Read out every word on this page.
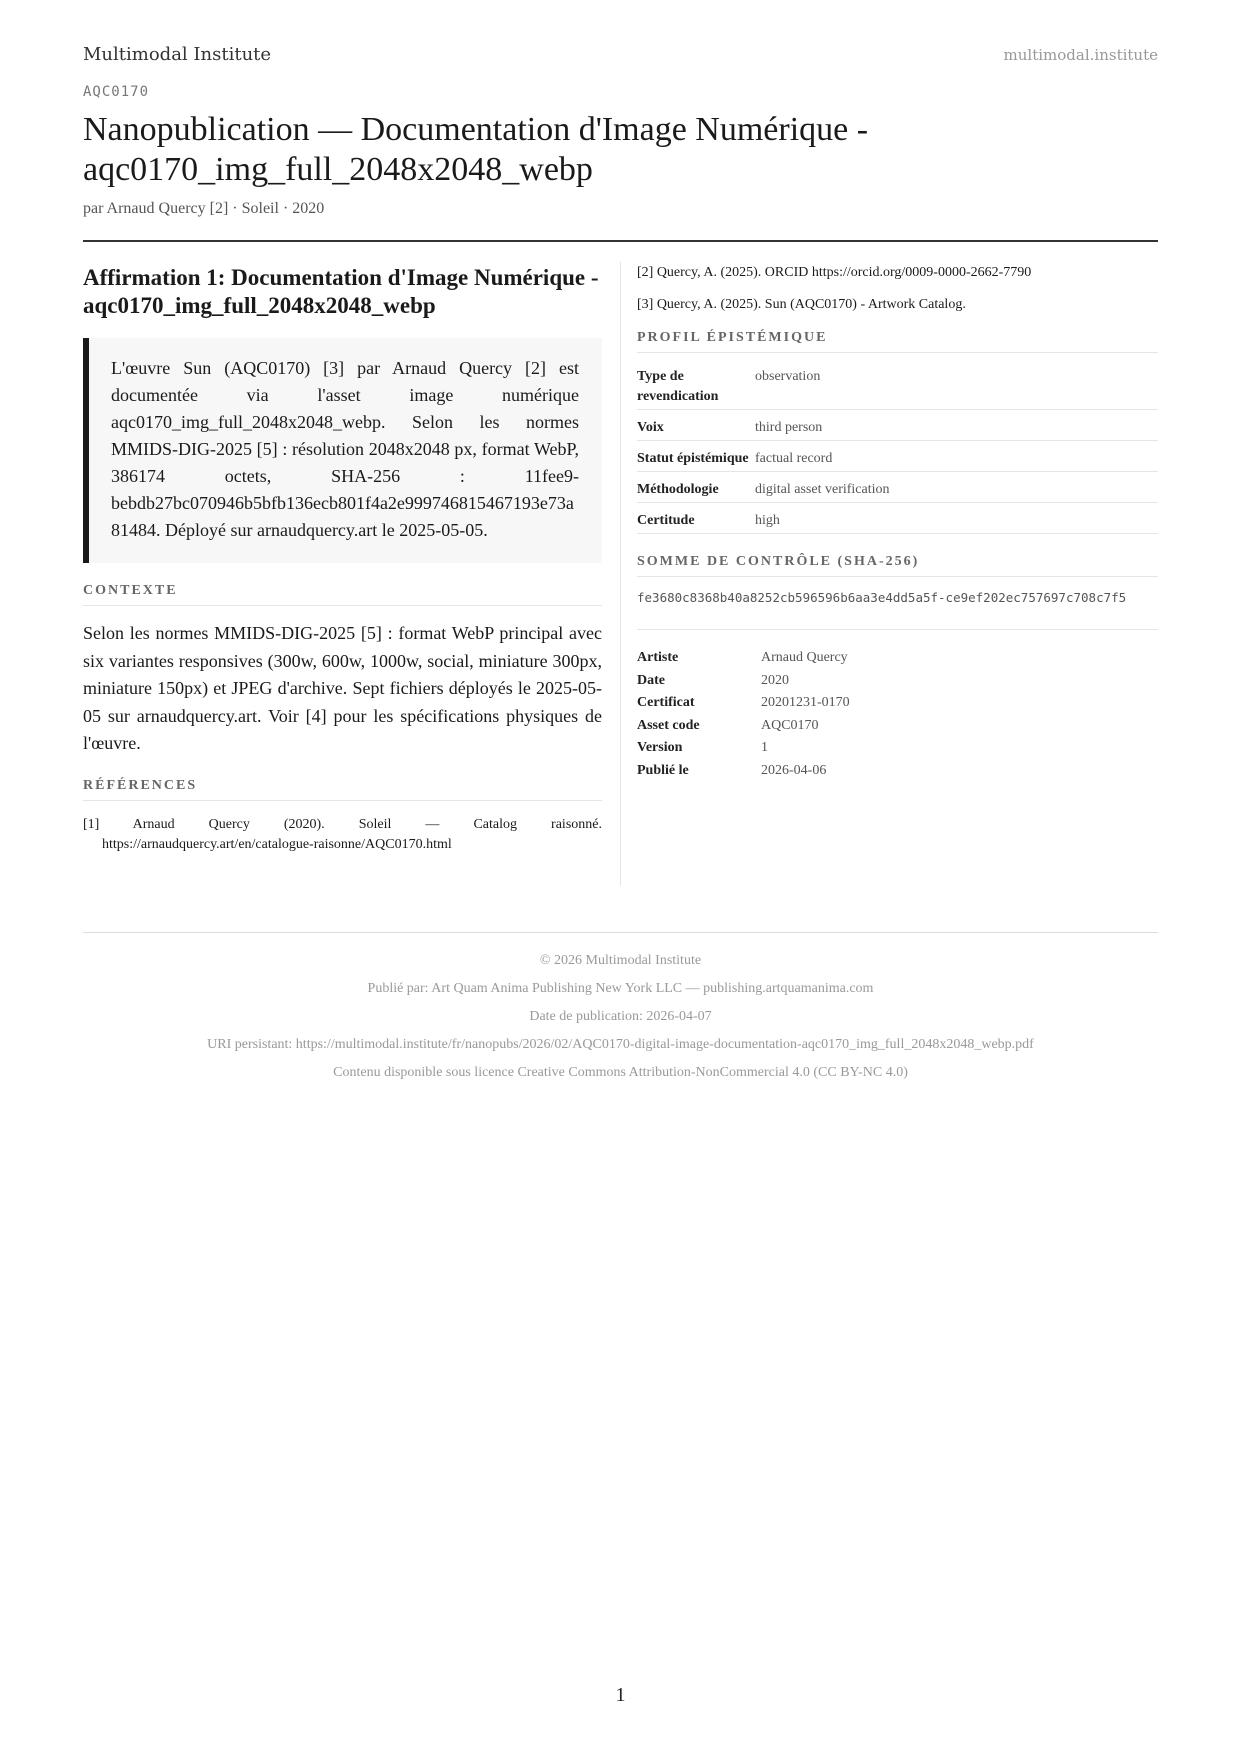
Multimodal Institute	multimodal.institute
AQC0170
Nanopublication — Documentation d'Image Numérique - aqc0170_img_full_2048x2048_webp
par Arnaud Quercy [2] · Soleil · 2020
Affirmation 1: Documentation d'Image Numérique - aqc0170_img_full_2048x2048_webp

L'œuvre Sun (AQC0170) [3] par Arnaud Quercy [2] est documentée via l'asset image numérique aqc0170_img_full_2048x2048_webp. Selon les normes MMIDS-DIG-2025 [5] : résolution 2048x2048 px, format WebP, 386174 octets, SHA-256 : 11fee9-bebdb27bc070946b5bfb136ecb801f4a2e999746815467193e73a81484. Déployé sur arnaudquercy.art le 2025-05-05.

CONTEXTE

Selon les normes MMIDS-DIG-2025 [5] : format WebP principal avec six variantes responsives (300w, 600w, 1000w, social, miniature 300px, miniature 150px) et JPEG d'archive. Sept fichiers déployés le 2025-05-05 sur arnaudquercy.art. Voir [4] pour les spécifications physiques de l'œuvre.

RÉFÉRENCES

[1] Arnaud Quercy (2020). Soleil — Catalog raisonné. https://arnaudquercy.art/en/catalogue-raisonne/AQC0170.html

[2] Quercy, A. (2025). ORCID https://orcid.org/0009-0000-2662-7790

[3] Quercy, A. (2025). Sun (AQC0170) - Artwork Catalog.

PROFIL ÉPISTÉMIQUE
Type de revendication	observation
Voix	third person
Statut épistémique	factual record
Méthodologie	digital asset verification
Certitude	high
SOMME DE CONTRÔLE (SHA-256)
fe3680c8368b40a8252cb596596b6aa3e4dd5a5f-ce9ef202ec757697c708c7f5
Artiste	Arnaud Quercy
Date	2020
Certificat	20201231-0170
Asset code	AQC0170
Version	1
Publié le	2026-04-06
© 2026 Multimodal Institute
Publié par: Art Quam Anima Publishing New York LLC — publishing.artquamanima.com
Date de publication: 2026-04-07
URI persistant: https://multimodal.institute/fr/nanopubs/2026/02/AQC0170-digital-image-documentation-aqc0170_img_full_2048x2048_webp.pdf
Contenu disponible sous licence Creative Commons Attribution-NonCommercial 4.0 (CC BY-NC 4.0)
1
